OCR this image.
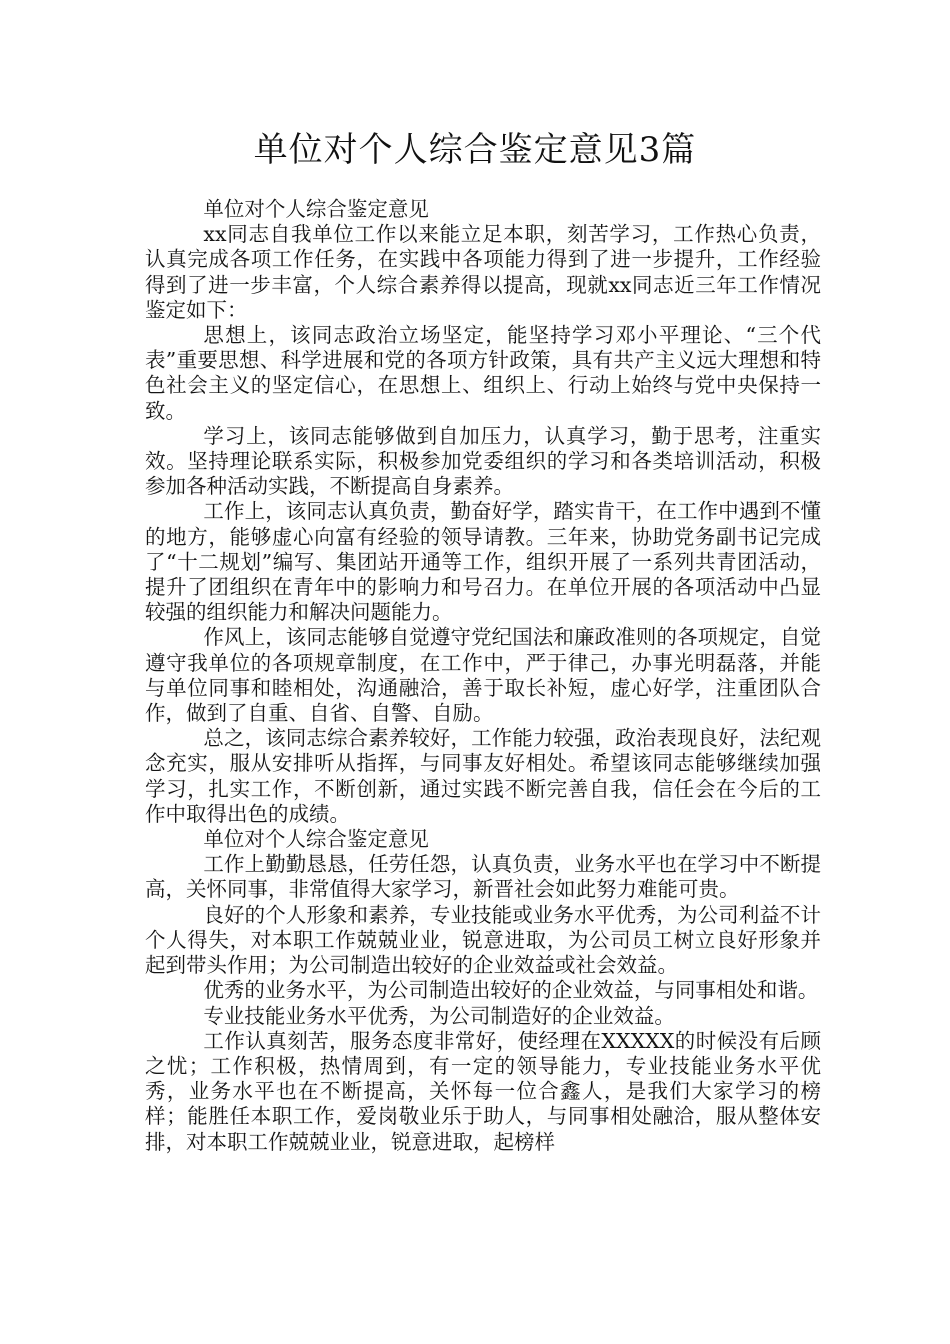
单位对个人综合鉴定意见3篇

单位对个人综合鉴定意见

xx同志自我单位工作以来能立足本职，刻苦学习，工作热心负责，认真完成各项工作任务，在实践中各项能力得到了进一步提升，工作经验得到了进一步丰富，个人综合素养得以提高，现就xx同志近三年工作情况鉴定如下：

思想上，该同志政治立场坚定，能坚持学习邓小平理论、“三个代表”重要思想、科学进展和党的各项方针政策，具有共产主义远大理想和特色社会主义的坚定信心，在思想上、组织上、行动上始终与党中央保持一致。

学习上，该同志能够做到自加压力，认真学习，勤于思考，注重实效。坚持理论联系实际，积极参加党委组织的学习和各类培训活动，积极参加各种活动实践，不断提高自身素养。

工作上，该同志认真负责，勤奋好学，踏实肯干，在工作中遇到不懂的地方，能够虚心向富有经验的领导请教。三年来，协助党务副书记完成了“十二规划”编写、集团站开通等工作，组织开展了一系列共青团活动，提升了团组织在青年中的影响力和号召力。在单位开展的各项活动中凸显较强的组织能力和解决问题能力。

作风上，该同志能够自觉遵守党纪国法和廉政准则的各项规定，自觉遵守我单位的各项规章制度，在工作中，严于律己，办事光明磊落，并能与单位同事和睦相处，沟通融洽，善于取长补短，虚心好学，注重团队合作，做到了自重、自省、自警、自励。

总之，该同志综合素养较好，工作能力较强，政治表现良好，法纪观念充实，服从安排听从指挥，与同事友好相处。希望该同志能够继续加强学习，扎实工作，不断创新，通过实践不断完善自我，信任会在今后的工作中取得出色的成绩。

单位对个人综合鉴定意见

工作上勤勤恳恳，任劳任怨，认真负责，业务水平也在学习中不断提高，关怀同事，非常值得大家学习，新晋社会如此努力难能可贵。

良好的个人形象和素养，专业技能或业务水平优秀，为公司利益不计个人得失，对本职工作兢兢业业，锐意进取，为公司员工树立良好形象并起到带头作用；为公司制造出较好的企业效益或社会效益。

优秀的业务水平，为公司制造出较好的企业效益，与同事相处和谐。

专业技能业务水平优秀，为公司制造好的企业效益。

工作认真刻苦，服务态度非常好，使经理在XXXXX的时候没有后顾之忧；工作积极，热情周到，有一定的领导能力，专业技能业务水平优秀，业务水平也在不断提高，关怀每一位合鑫人，是我们大家学习的榜样；能胜任本职工作，爱岗敬业乐于助人，与同事相处融洽，服从整体安排，对本职工作兢兢业业，锐意进取，起榜样
